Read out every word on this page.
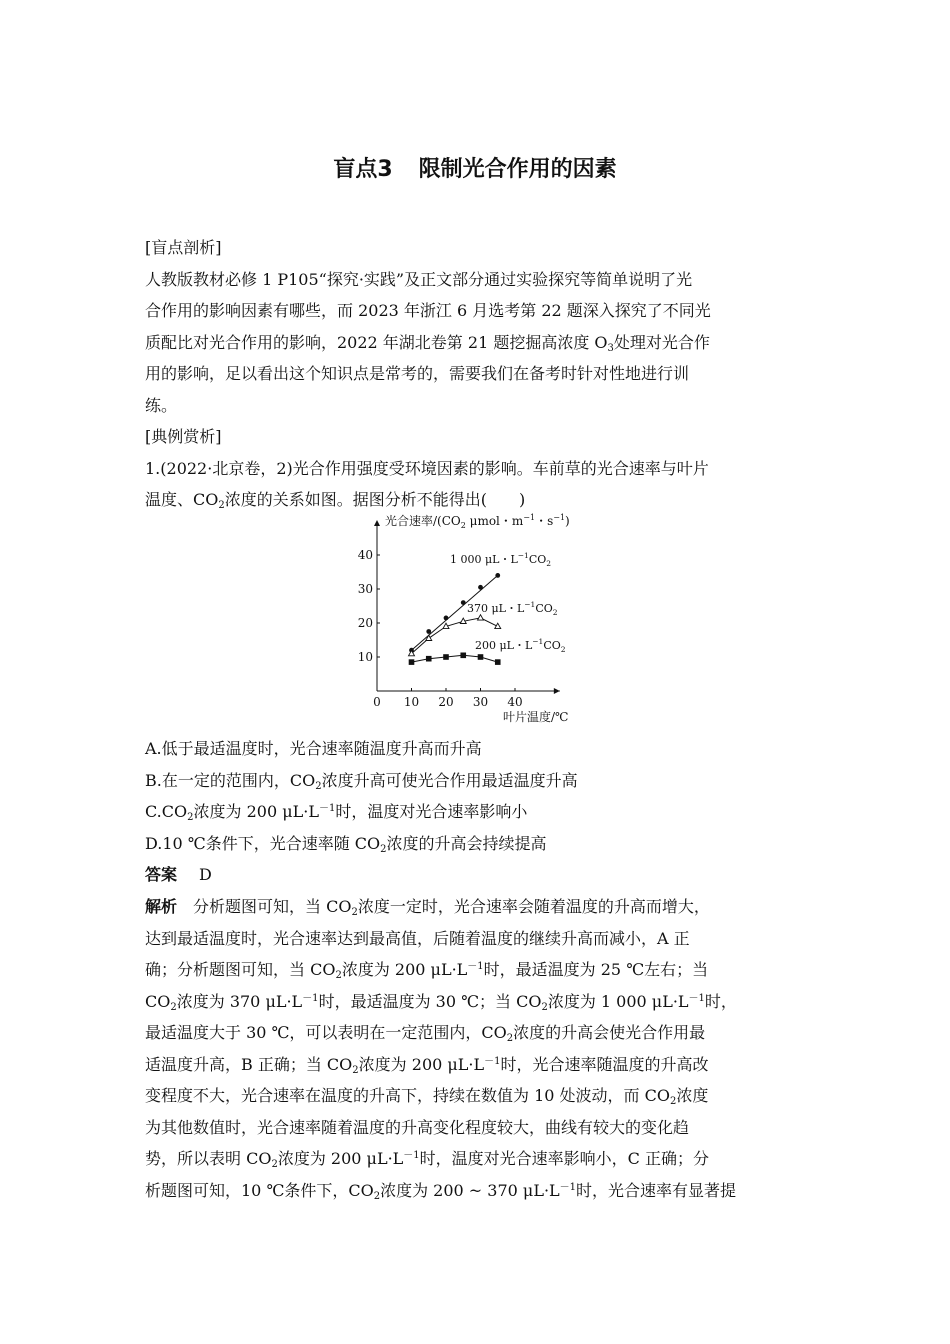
盲点3 限制光合作用的因素
[盲点剖析]
人教版教材必修 1 P105“探究·实践”及正文部分通过实验探究等简单说明了光
合作用的影响因素有哪些，而 2023 年浙江 6 月选考第 22 题深入探究了不同光
质配比对光合作用的影响，2022 年湖北卷第 21 题挖掘高浓度 $O_3$处理对光合作
用的影响，足以看出这个知识点是常考的，需要我们在备考时针对性地进行训
练。
[典例赏析]
1.(2022·北京卷，2)光合作用强度受环境因素的影响。车前草的光合速率与叶片
温度、$CO_2$浓度的关系如图。据图分析不能得出(　　)
光合速率$/(CO_2$ μmol・$m^{-1}$・$s^{-1}$)
叶片温度/℃
0 10 20 30 40
10
20
30
40	1 000 μL・$L^{-1}CO_2$
370 μL・$L^{-1}CO_2$
200 μL・$L^{-1}CO_2$
A.低于最适温度时，光合速率随温度升高而升高
B.在一定的范围内，$CO_2$浓度升高可使光合作用最适温度升高
$C.CO_2$浓度为 200 $\mu L\cdot L^{-1}$时，温度对光合速率影响小
D.10 ℃条件下，光合速率随 $CO_2$浓度的升高会持续提高
答案 D
解析　分析题图可知，当 $CO_2$浓度一定时，光合速率会随着温度的升高而增大，
达到最适温度时，光合速率达到最高值，后随着温度的继续升高而减小，A 正
确；分析题图可知，当 $CO_2$浓度为 200 $\mu L\cdot L^{-1}$时，最适温度为 25 ℃左右；当
$CO_2$浓度为 370 $\mu L\cdot L^{-1}$时，最适温度为 30 ℃；当 $CO_2$浓度为 1 000 $\mu L\cdot L^{-1}$时，
最适温度大于 30 ℃，可以表明在一定范围内，$CO_2$浓度的升高会使光合作用最
适温度升高，B 正确；当 $CO_2$浓度为 200 $\mu L\cdot L^{-1}$时，光合速率随温度的升高改
变程度不大，光合速率在温度的升高下，持续在数值为 10 处波动，而 $CO_2$浓度
为其他数值时，光合速率随着温度的升高变化程度较大，曲线有较大的变化趋
势，所以表明 $CO_2$浓度为 200 $\mu L\cdot L^{-1}$时，温度对光合速率影响小，C 正确；分
析题图可知，10 ℃条件下，$CO_2$浓度为 200 ~ 370 $\mu L\cdot L^{-1}$时，光合速率有显著提
